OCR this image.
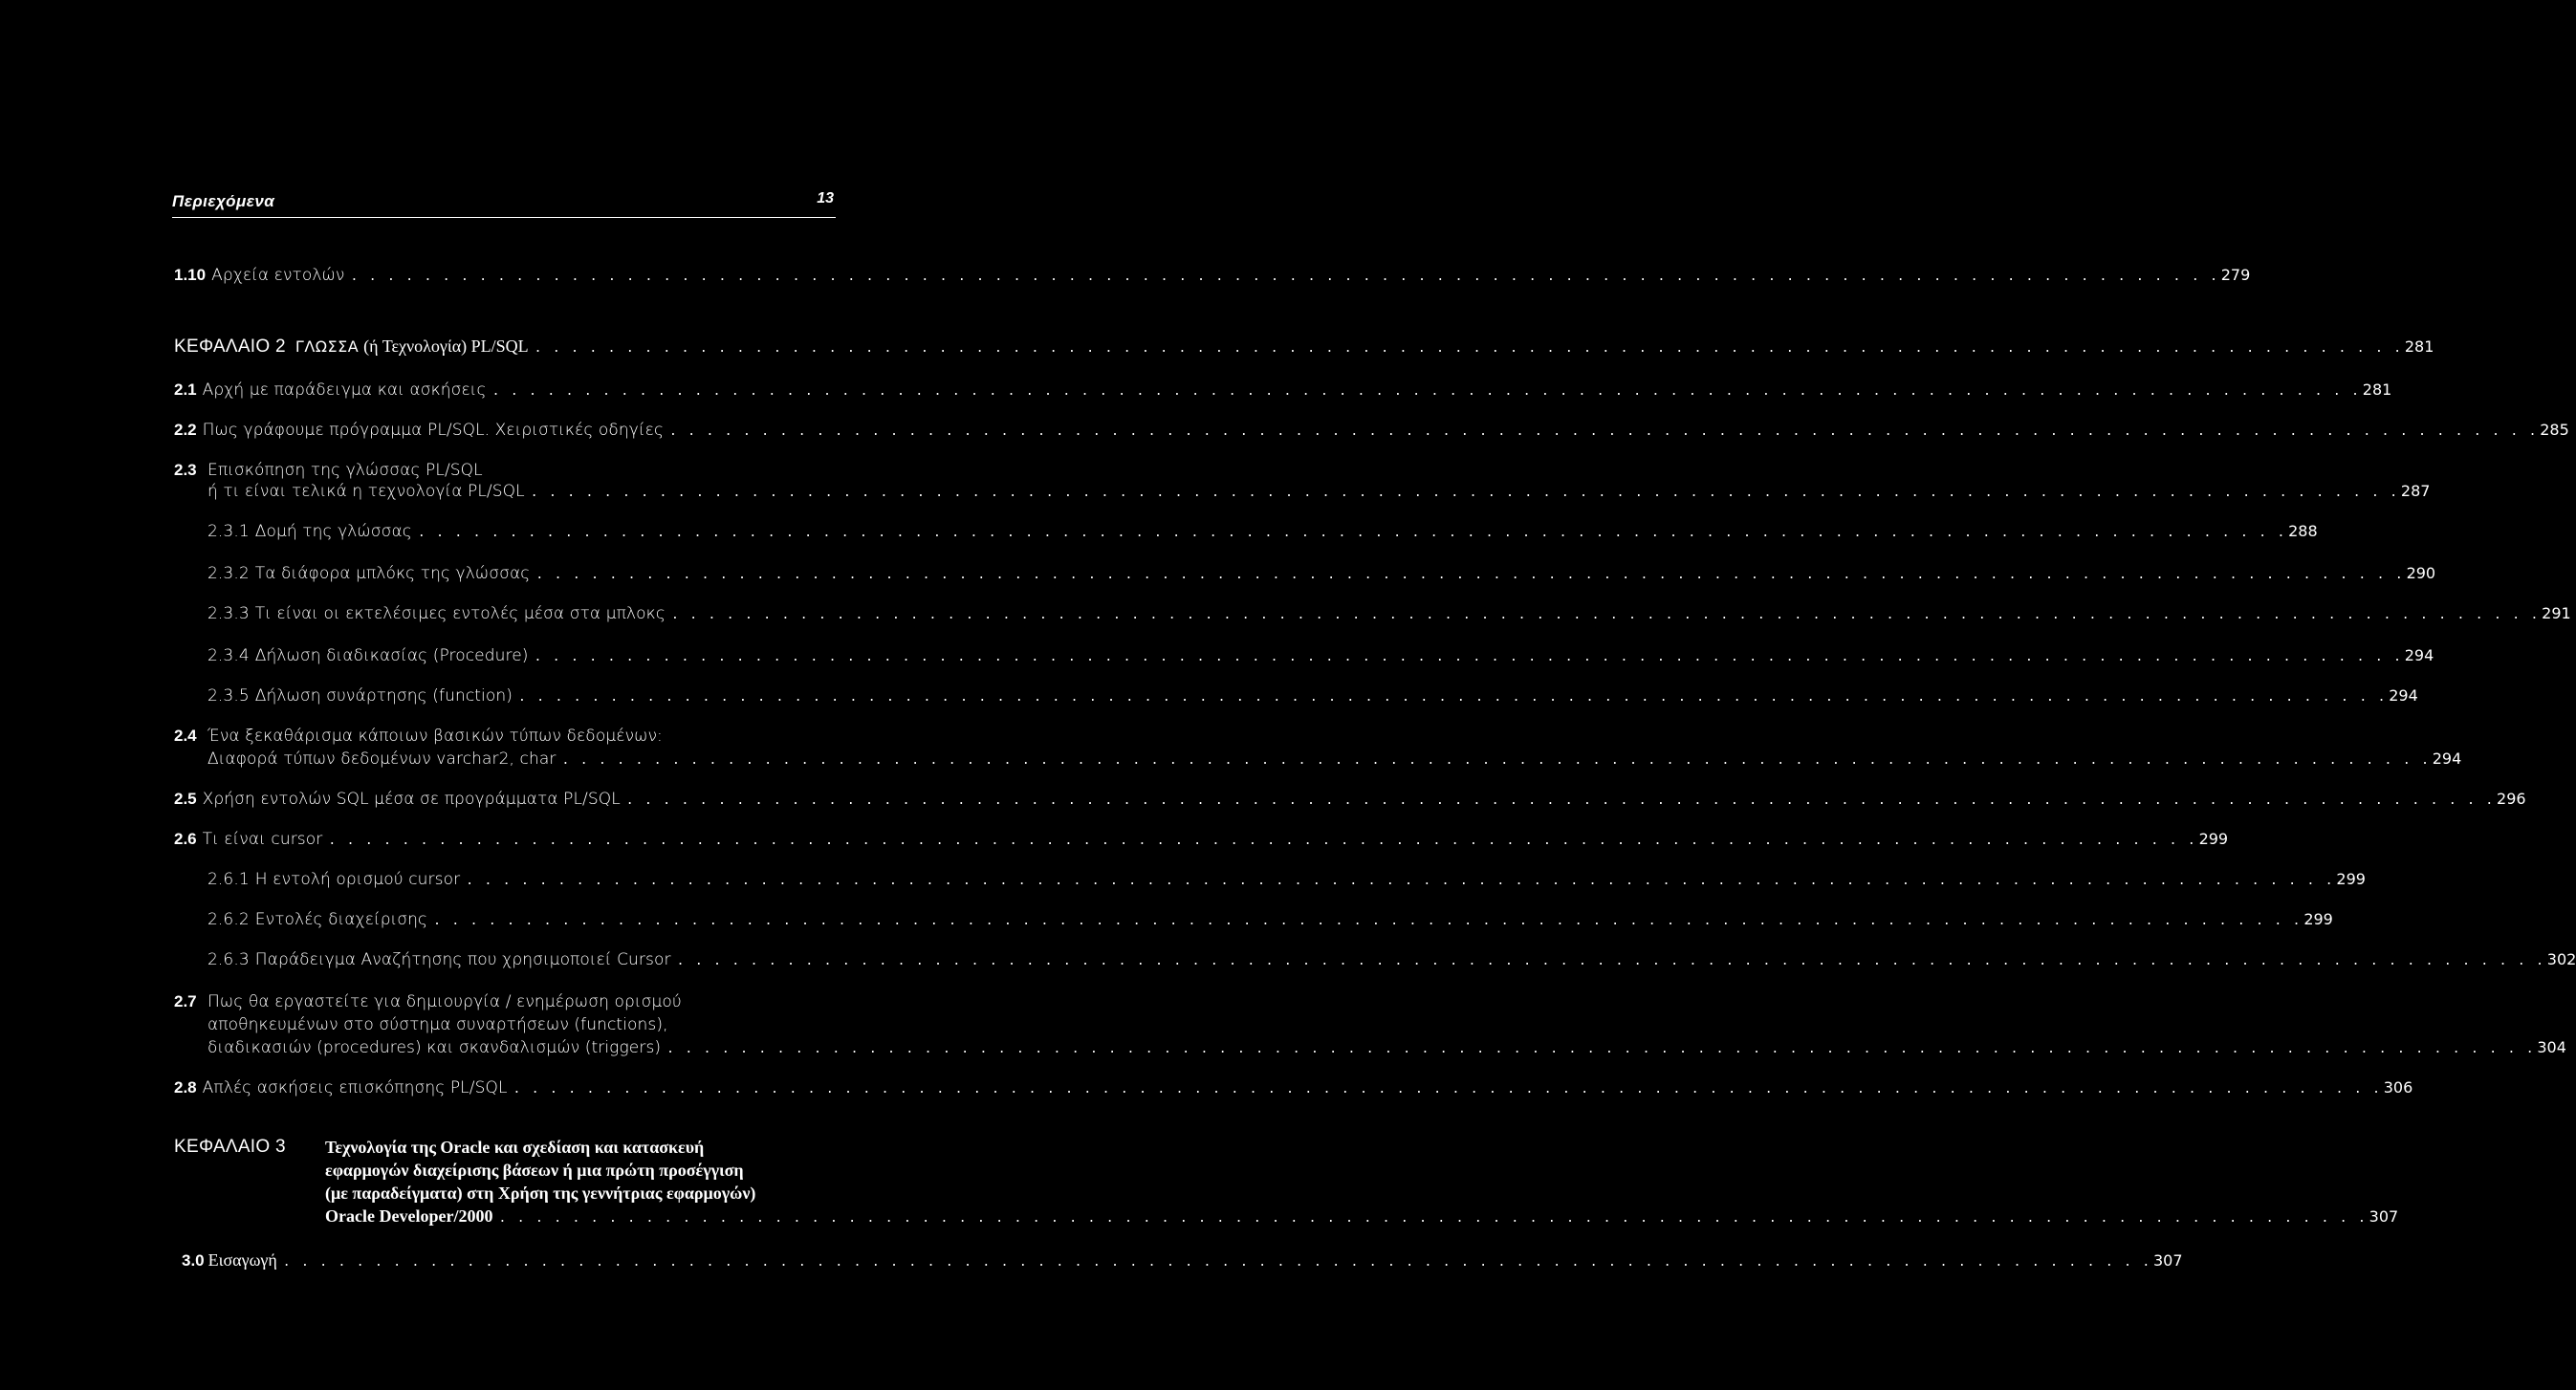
Περιεχόμενα	13
1.10 Αρχεία εντολών . . . . . . . . . . . . . . . . . . . . . . . . . . . . . . . . . . . . . . . . . . . . . . . . . . . . . . . . . . . . . . . . . . . . . . . . . . . . . . . . . . . . . . . . . . . . . . . . . . . . . . 279
ΚΕΦΑΛΑΙΟ 2 ΓΛΩΣΣΑ (ή Τεχνολογία) PL/SQL . . . . . . . . . . . . . . . . . . . . . . . . . . . . . . . . . . . . . . . . . . . . . . . . . . . . . . . . . . . . . . . . . . . . . . . . . . . . . . . . . . . . . . . . . . . . . . . . . . . . . . 281
2.1 Αρχή με παράδειγμα και ασκήσεις . . . . . . . . . . . . . . . . . . . . . . . . . . . . . . . . . . . . . . . . . . . . . . . . . . . . . . . . . . . . . . . . . . . . . . . . . . . . . . . . . . . . . . . . . . . . . . . . . . . . . . 281
2.2 Πως γράφουμε πρόγραμμα PL/SQL. Χειριστικές οδηγίες . . . . . . . . . . . . . . . . . . . . . . . . . . . . . . . . . . . . . . . . . . . . . . . . . . . . . . . . . . . . . . . . . . . . . . . . . . . . . . . . . . . . . . . . . . . . . . . . . . . . . . 285
2.3 Επισκόπηση της γλώσσας PL/SQL
ή τι είναι τελικά η τεχνολογία PL/SQL . . . . . . . . . . . . . . . . . . . . . . . . . . . . . . . . . . . . . . . . . . . . . . . . . . . . . . . . . . . . . . . . . . . . . . . . . . . . . . . . . . . . . . . . . . . . . . . . . . . . . . 287
2.3.1 Δομή της γλώσσας . . . . . . . . . . . . . . . . . . . . . . . . . . . . . . . . . . . . . . . . . . . . . . . . . . . . . . . . . . . . . . . . . . . . . . . . . . . . . . . . . . . . . . . . . . . . . . . . . . . . . . 288
2.3.2 Τα διάφορα μπλόκς της γλώσσας . . . . . . . . . . . . . . . . . . . . . . . . . . . . . . . . . . . . . . . . . . . . . . . . . . . . . . . . . . . . . . . . . . . . . . . . . . . . . . . . . . . . . . . . . . . . . . . . . . . . . . 290
2.3.3 Τι είναι οι εκτελέσιμες εντολές μέσα στα μπλοκς . . . . . . . . . . . . . . . . . . . . . . . . . . . . . . . . . . . . . . . . . . . . . . . . . . . . . . . . . . . . . . . . . . . . . . . . . . . . . . . . . . . . . . . . . . . . . . . . . . . . . . 291
2.3.4 Δήλωση διαδικασίας (Procedure) . . . . . . . . . . . . . . . . . . . . . . . . . . . . . . . . . . . . . . . . . . . . . . . . . . . . . . . . . . . . . . . . . . . . . . . . . . . . . . . . . . . . . . . . . . . . . . . . . . . . . . 294
2.3.5 Δήλωση συνάρτησης (function) . . . . . . . . . . . . . . . . . . . . . . . . . . . . . . . . . . . . . . . . . . . . . . . . . . . . . . . . . . . . . . . . . . . . . . . . . . . . . . . . . . . . . . . . . . . . . . . . . . . . . . 294
2.4 Ένα ξεκαθάρισμα κάποιων βασικών τύπων δεδομένων:
Διαφορά τύπων δεδομένων varchar2, char . . . . . . . . . . . . . . . . . . . . . . . . . . . . . . . . . . . . . . . . . . . . . . . . . . . . . . . . . . . . . . . . . . . . . . . . . . . . . . . . . . . . . . . . . . . . . . . . . . . . . . 294
2.5 Χρήση εντολών SQL μέσα σε προγράμματα PL/SQL . . . . . . . . . . . . . . . . . . . . . . . . . . . . . . . . . . . . . . . . . . . . . . . . . . . . . . . . . . . . . . . . . . . . . . . . . . . . . . . . . . . . . . . . . . . . . . . . . . . . . . 296
2.6 Τι είναι cursor . . . . . . . . . . . . . . . . . . . . . . . . . . . . . . . . . . . . . . . . . . . . . . . . . . . . . . . . . . . . . . . . . . . . . . . . . . . . . . . . . . . . . . . . . . . . . . . . . . . . . . 299
2.6.1 Η εντολή ορισμού cursor . . . . . . . . . . . . . . . . . . . . . . . . . . . . . . . . . . . . . . . . . . . . . . . . . . . . . . . . . . . . . . . . . . . . . . . . . . . . . . . . . . . . . . . . . . . . . . . . . . . . . . 299
2.6.2 Εντολές διαχείρισης . . . . . . . . . . . . . . . . . . . . . . . . . . . . . . . . . . . . . . . . . . . . . . . . . . . . . . . . . . . . . . . . . . . . . . . . . . . . . . . . . . . . . . . . . . . . . . . . . . . . . . 299
2.6.3 Παράδειγμα Αναζήτησης που χρησιμοποιεί Cursor . . . . . . . . . . . . . . . . . . . . . . . . . . . . . . . . . . . . . . . . . . . . . . . . . . . . . . . . . . . . . . . . . . . . . . . . . . . . . . . . . . . . . . . . . . . . . . . . . . . . . . 302
2.7 Πως θα εργαστείτε για δημιουργία / ενημέρωση ορισμού
αποθηκευμένων στο σύστημα συναρτήσεων (functions),
διαδικασιών (procedures) και σκανδαλισμών (triggers) . . . . . . . . . . . . . . . . . . . . . . . . . . . . . . . . . . . . . . . . . . . . . . . . . . . . . . . . . . . . . . . . . . . . . . . . . . . . . . . . . . . . . . . . . . . . . . . . . . . . . . 304
2.8 Απλές ασκήσεις επισκόπησης PL/SQL . . . . . . . . . . . . . . . . . . . . . . . . . . . . . . . . . . . . . . . . . . . . . . . . . . . . . . . . . . . . . . . . . . . . . . . . . . . . . . . . . . . . . . . . . . . . . . . . . . . . . . 306
ΚΕΦΑΛΑΙΟ 3 Τεχνολογία της Oracle και σχεδίαση και κατασκευή
εφαρμογών διαχείρισης βάσεων ή μια πρώτη προσέγγιση
(με παραδείγματα) στη Χρήση της γεννήτριας εφαρμογών)
Oracle Developer/2000 . . . . . . . . . . . . . . . . . . . . . . . . . . . . . . . . . . . . . . . . . . . . . . . . . . . . . . . . . . . . . . . . . . . . . . . . . . . . . . . . . . . . . . . . . . . . . . . . . . . . . . 307
3.0 Εισαγωγή . . . . . . . . . . . . . . . . . . . . . . . . . . . . . . . . . . . . . . . . . . . . . . . . . . . . . . . . . . . . . . . . . . . . . . . . . . . . . . . . . . . . . . . . . . . . . . . . . . . . . . 307
